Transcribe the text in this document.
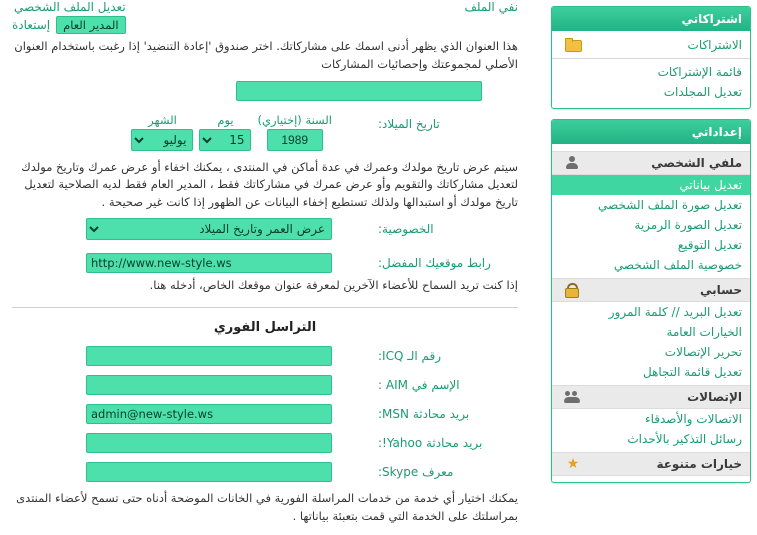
نفي الملف
تعديل الملف الشخصي
إستعادة	المدير العام
هذا العنوان الذي يظهر أدنى اسمك على مشاركاتك. اختر صندوق 'إعادة التنضيد' إذا رغبت باستخدام العنوان الأصلي لمجموعتك وإحصائيات المشاركات
تاريخ الميلاد:
السنة (إختياري)
1989
يوم
15
الشهر
يوليو
سيتم عرض تاريخ مولدك وعمرك في عدة أماكن في المنتدى ، يمكنك اخفاء أو عرض عمرك وتاريخ مولدك لتعديل مشاركاتك والتقويم وأو عرض عمرك في مشاركاتك فقط ، المدير العام فقط لديه الصلاحية لتعديل تاريخ مولدك أو استبدالها ولذلك تستطيع إخفاء البيانات عن الظهور إذا كانت غير صحيحة .
الخصوصية:
عرض العمر وتاريخ الميلاد
رابط موقعيك المفضل:
http://www.new-style.ws
إذا كنت تريد السماح للأعضاء الآخرين لمعرفة عنوان موقعك الخاص، أدخله هنا.
التراسل الفوري
رقم الـ ICQ:
الإسم في AIM :
بريد محادثة MSN:
admin@new-style.ws
بريد محادثة Yahoo!:
معرف Skype:
يمكنك اختيار أي خدمة من خدمات المراسلة الفورية في الخانات الموضحة أدناه حتى تسمح لأعضاء المنتدى بمراسلتك على الخدمة التي قمت بتعبئة بياناتها .
اشتراكاتي
الاشتراكات
قائمة الإشتراكات
تعديل المجلدات
إعداداتي
ملفي الشخصي
تعديل بياناتي
تعديل صورة الملف الشخصي
تعديل الصورة الرمزية
تعديل التوقيع
خصوصية الملف الشخصي
حسابي
تعديل البريد // كلمة المرور
الخيارات العامة
تحرير الإتصالات
تعديل قائمة التجاهل
الإتصالات
الاتصالات والأصدقاء
رسائل التذكير بالأحداث
★	خيارات متنوعة
